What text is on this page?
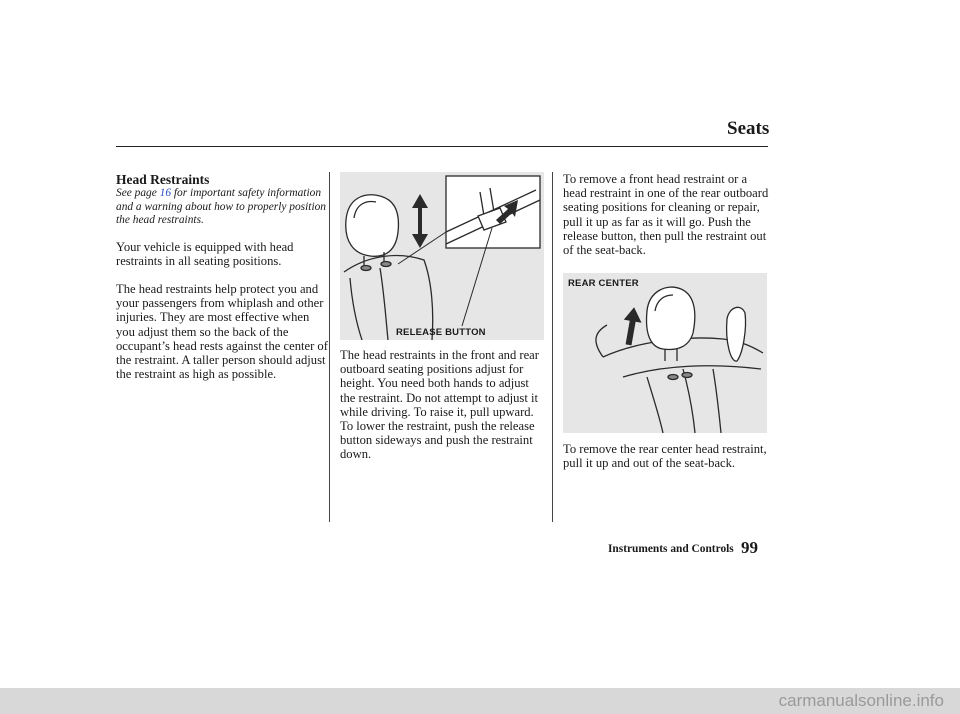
Seats
Head Restraints

See page 16 for important safety information and a warning about how to properly position the head restraints.

Your vehicle is equipped with head restraints in all seating positions.

The head restraints help protect you and your passengers from whiplash and other injuries. They are most effective when you adjust them so the back of the occupant’s head rests against the center of the restraint. A taller person should adjust the restraint as high as possible.

RELEASE BUTTON

The head restraints in the front and rear outboard seating positions adjust for height. You need both hands to adjust the restraint. Do not attempt to adjust it while driving. To raise it, pull upward. To lower the restraint, push the release button sideways and push the restraint down.

To remove a front head restraint or a head restraint in one of the rear outboard seating positions for cleaning or repair, pull it up as far as it will go. Push the release button, then pull the restraint out of the seat-back.

REAR CENTER

To remove the rear center head restraint, pull it up and out of the seat-back.

Instruments and Controls 99
carmanualsonline.info
